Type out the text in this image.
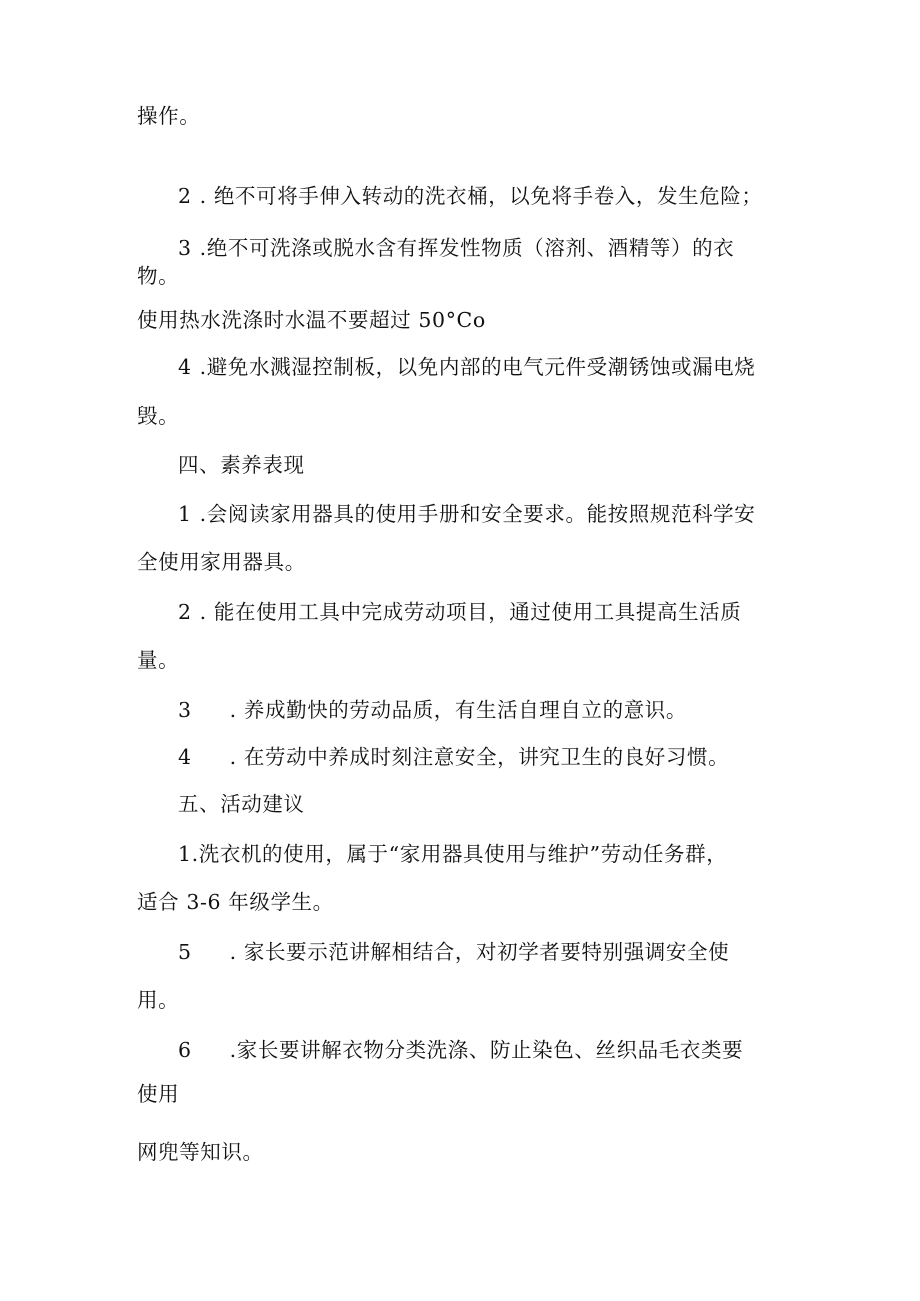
操作。
2 . 绝不可将手伸入转动的洗衣桶，以免将手卷入，发生危险；
3 .绝不可洗涤或脱水含有挥发性物质（溶剂、酒精等）的衣
物。
使用热水洗涤时水温不要超过 50°Co
4 .避免水溅湿控制板，以免内部的电气元件受潮锈蚀或漏电烧
毁。
四、素养表现
1 .会阅读家用器具的使用手册和安全要求。能按照规范科学安
全使用家用器具。
2 . 能在使用工具中完成劳动项目，通过使用工具提高生活质
量。
3 . 养成勤快的劳动品质，有生活自理自立的意识。
4 . 在劳动中养成时刻注意安全，讲究卫生的良好习惯。
五、活动建议
1.洗衣机的使用，属于“家用器具使用与维护”劳动任务群，
适合 3-6 年级学生。
5 . 家长要示范讲解相结合，对初学者要特别强调安全使
用。
6 .家长要讲解衣物分类洗涤、防止染色、丝织品毛衣类要
使用
网兜等知识。
